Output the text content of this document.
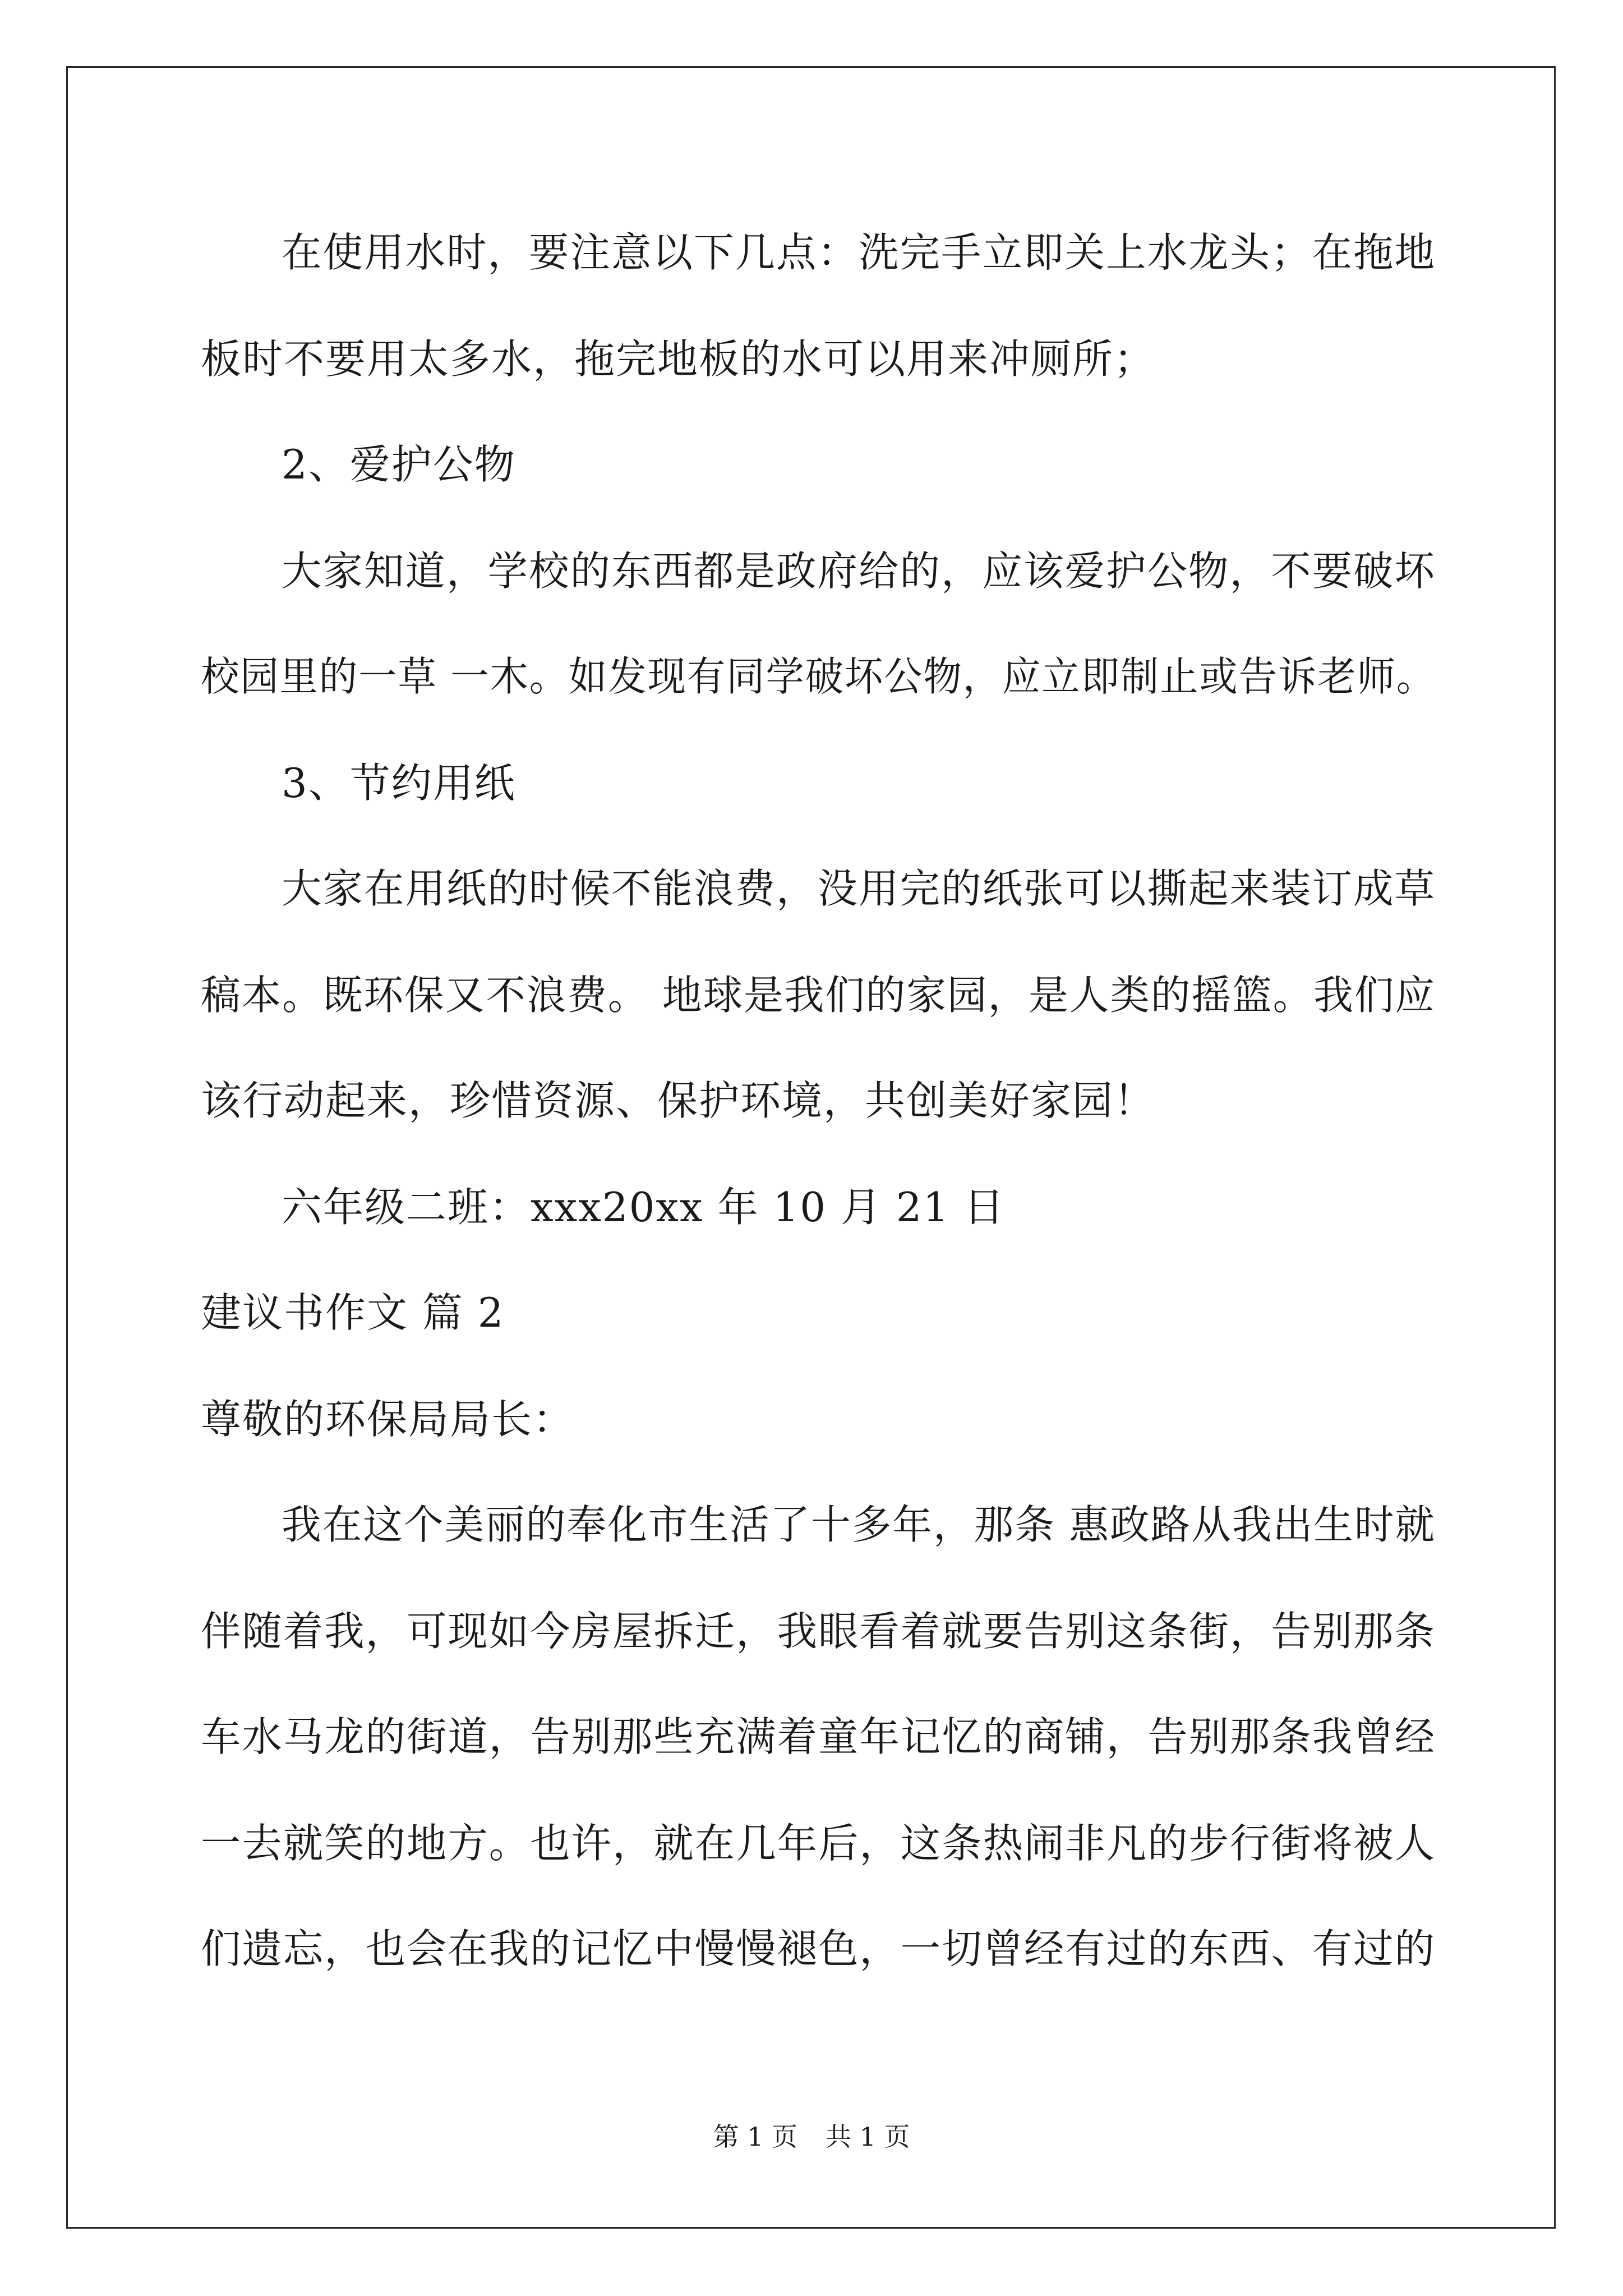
在使用水时，要注意以下几点：洗完手立即关上水龙头；在拖地
板时不要用太多水，拖完地板的水可以用来冲厕所；
2、爱护公物
大家知道，学校的东西都是政府给的，应该爱护公物，不要破坏
校园里的一草 一木。如发现有同学破坏公物，应立即制止或告诉老师。
3、节约用纸
大家在用纸的时候不能浪费，没用完的纸张可以撕起来装订成草
稿本。既环保又不浪费。 地球是我们的家园，是人类的摇篮。我们应
该行动起来，珍惜资源、保护环境，共创美好家园！
六年级二班：xxx20xx 年 10 月 21 日
建议书作文 篇 2
尊敬的环保局局长：
我在这个美丽的奉化市生活了十多年，那条 惠政路从我出生时就
伴随着我，可现如今房屋拆迁，我眼看着就要告别这条街，告别那条
车水马龙的街道，告别那些充满着童年记忆的商铺，告别那条我曾经
一去就笑的地方。也许，就在几年后，这条热闹非凡的步行街将被人
们遗忘，也会在我的记忆中慢慢褪色，一切曾经有过的东西、有过的
第 1 页 共 1 页
